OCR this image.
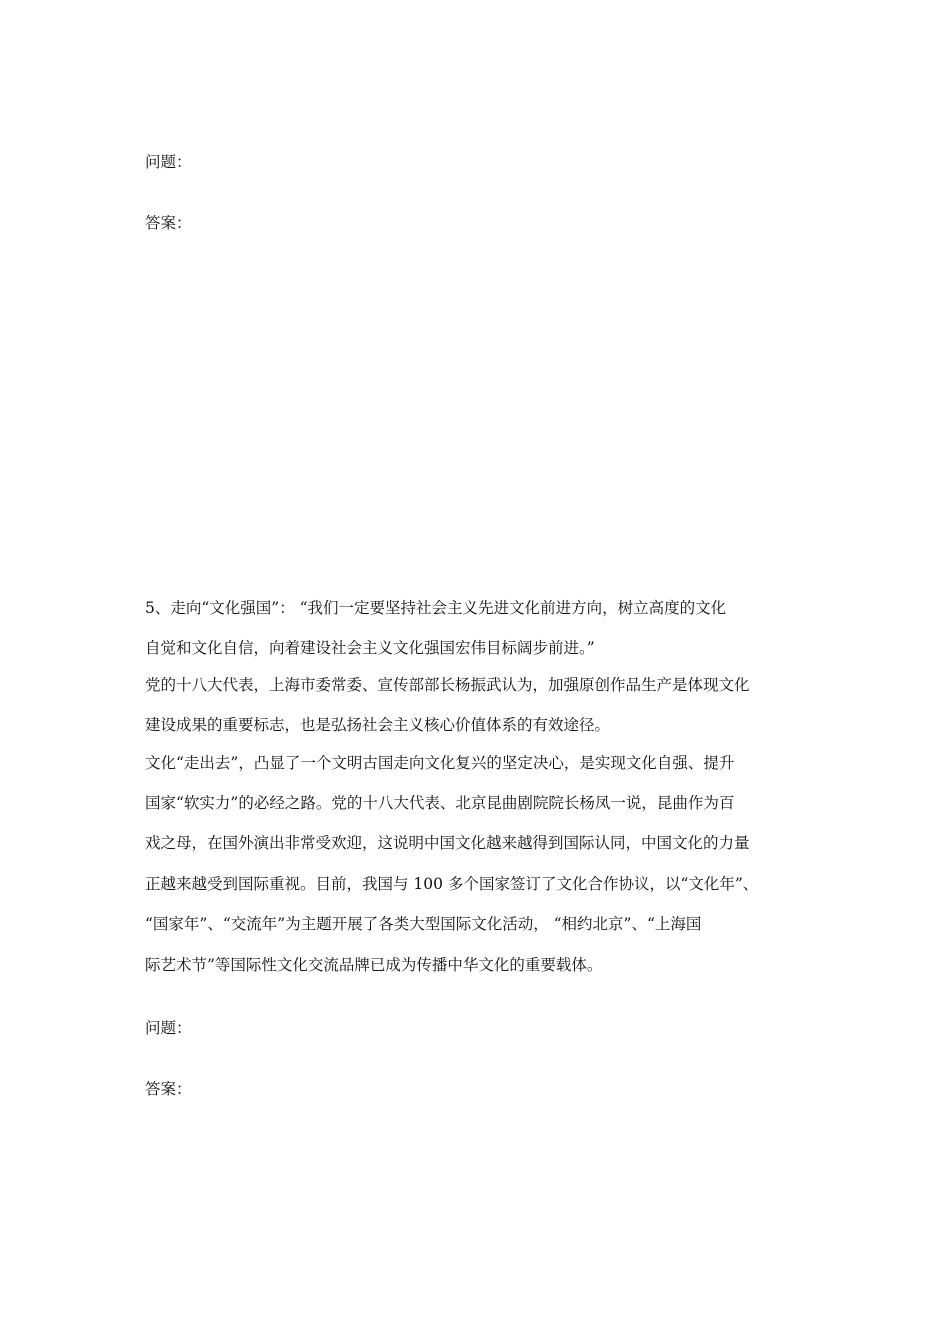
问题：

答案：

5、走向“文化强国”： “我们一定要坚持社会主义先进文化前进方向，树立高度的文化

自觉和文化自信，向着建设社会主义文化强国宏伟目标阔步前进。”

党的十八大代表，上海市委常委、宣传部部长杨振武认为，加强原创作品生产是体现文化

建设成果的重要标志，也是弘扬社会主义核心价值体系的有效途径。

文化“走出去”，凸显了一个文明古国走向文化复兴的坚定决心，是实现文化自强、提升

国家“软实力”的必经之路。党的十八大代表、北京昆曲剧院院长杨凤一说，昆曲作为百

戏之母，在国外演出非常受欢迎，这说明中国文化越来越得到国际认同，中国文化的力量

正越来越受到国际重视。目前，我国与 100 多个国家签订了文化合作协议，以“文化年”、

“国家年”、“交流年”为主题开展了各类大型国际文化活动， “相约北京”、“上海国

际艺术节”等国际性文化交流品牌已成为传播中华文化的重要载体。

问题：

答案：
